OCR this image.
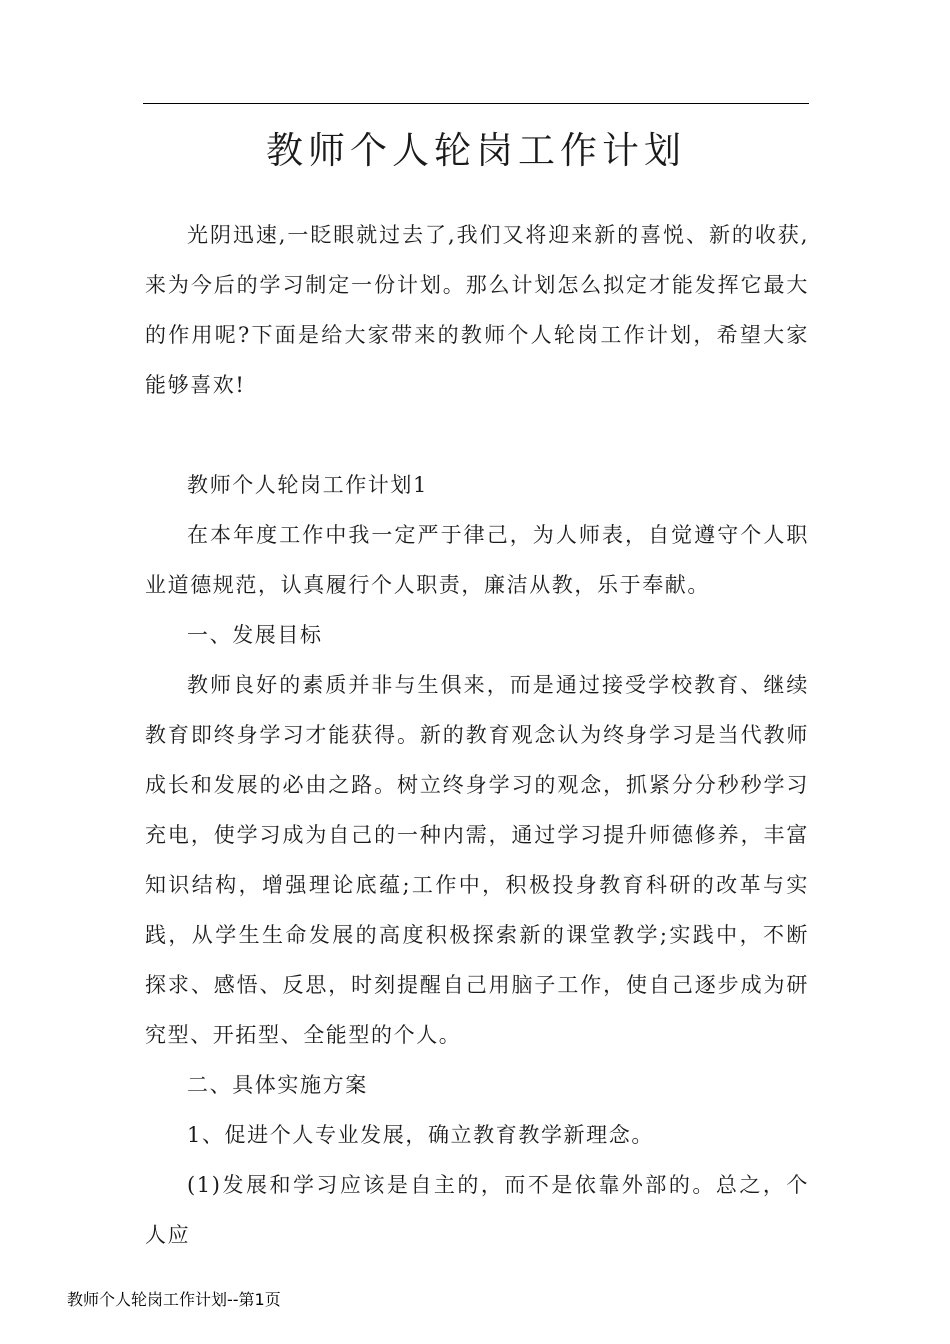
教师个人轮岗工作计划

光阴迅速,一眨眼就过去了,我们又将迎来新的喜悦、新的收获,来为今后的学习制定一份计划。那么计划怎么拟定才能发挥它最大的作用呢?下面是给大家带来的教师个人轮岗工作计划，希望大家能够喜欢!

教师个人轮岗工作计划1

在本年度工作中我一定严于律己，为人师表，自觉遵守个人职业道德规范，认真履行个人职责，廉洁从教，乐于奉献。

一、发展目标

教师良好的素质并非与生俱来，而是通过接受学校教育、继续教育即终身学习才能获得。新的教育观念认为终身学习是当代教师成长和发展的必由之路。树立终身学习的观念，抓紧分分秒秒学习充电，使学习成为自己的一种内需，通过学习提升师德修养，丰富知识结构，增强理论底蕴;工作中，积极投身教育科研的改革与实践，从学生生命发展的高度积极探索新的课堂教学;实践中，不断探求、感悟、反思，时刻提醒自己用脑子工作，使自己逐步成为研究型、开拓型、全能型的个人。

二、具体实施方案

1、促进个人专业发展，确立教育教学新理念。

(1)发展和学习应该是自主的，而不是依靠外部的。总之，个人应

教师个人轮岗工作计划--第1页
